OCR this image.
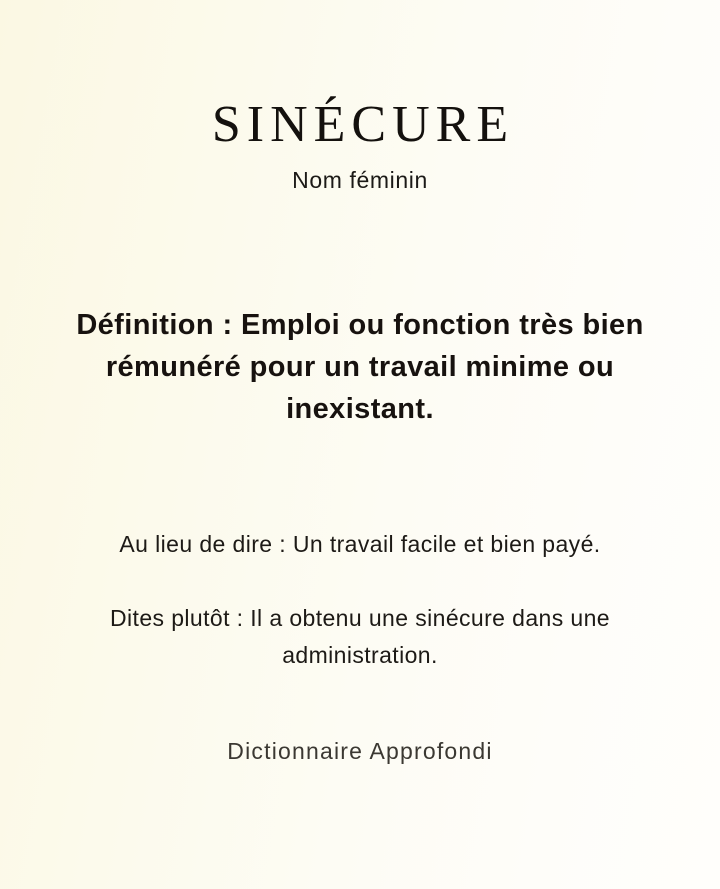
SINÉCURE
Nom féminin
Définition : Emploi ou fonction très bien rémunéré pour un travail minime ou inexistant.
Au lieu de dire : Un travail facile et bien payé.
Dites plutôt : Il a obtenu une sinécure dans une administration.
Dictionnaire Approfondi
